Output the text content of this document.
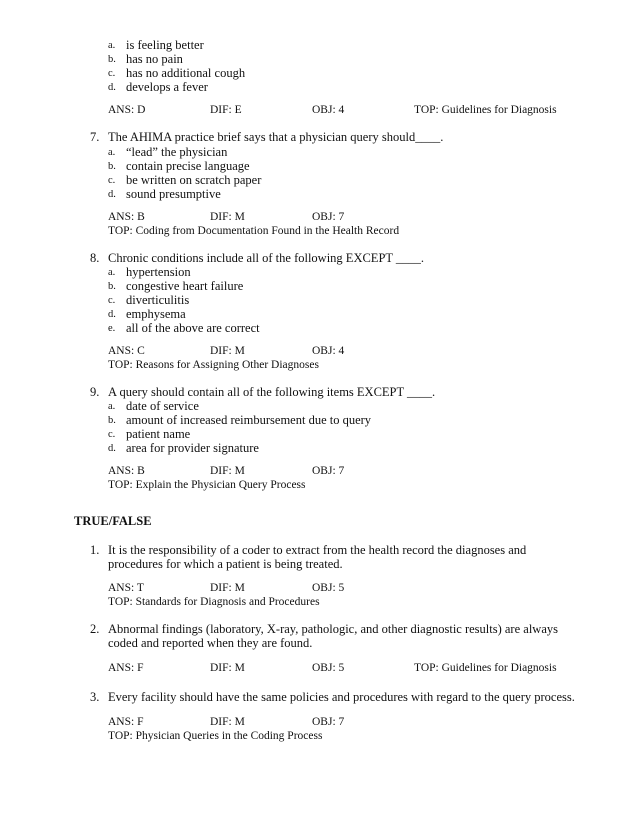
a. is feeling better
b. has no pain
c. has no additional cough
d. develops a fever
ANS: D	DIF: E	OBJ: 4	TOP: Guidelines for Diagnosis
7. The AHIMA practice brief says that a physician query should____.
a. “lead” the physician
b. contain precise language
c. be written on scratch paper
d. sound presumptive
ANS: B	DIF: M	OBJ: 7
TOP: Coding from Documentation Found in the Health Record
8. Chronic conditions include all of the following EXCEPT ____.
a. hypertension
b. congestive heart failure
c. diverticulitis
d. emphysema
e. all of the above are correct
ANS: C	DIF: M	OBJ: 4
TOP: Reasons for Assigning Other Diagnoses
9. A query should contain all of the following items EXCEPT ____.
a. date of service
b. amount of increased reimbursement due to query
c. patient name
d. area for provider signature
ANS: B	DIF: M	OBJ: 7
TOP: Explain the Physician Query Process
TRUE/FALSE
1. It is the responsibility of a coder to extract from the health record the diagnoses and
procedures for which a patient is being treated.
ANS: T	DIF: M	OBJ: 5
TOP: Standards for Diagnosis and Procedures
2. Abnormal findings (laboratory, X-ray, pathologic, and other diagnostic results) are always
coded and reported when they are found.
ANS: F	DIF: M	OBJ: 5	TOP: Guidelines for Diagnosis
3. Every facility should have the same policies and procedures with regard to the query process.
ANS: F	DIF: M	OBJ: 7
TOP: Physician Queries in the Coding Process
